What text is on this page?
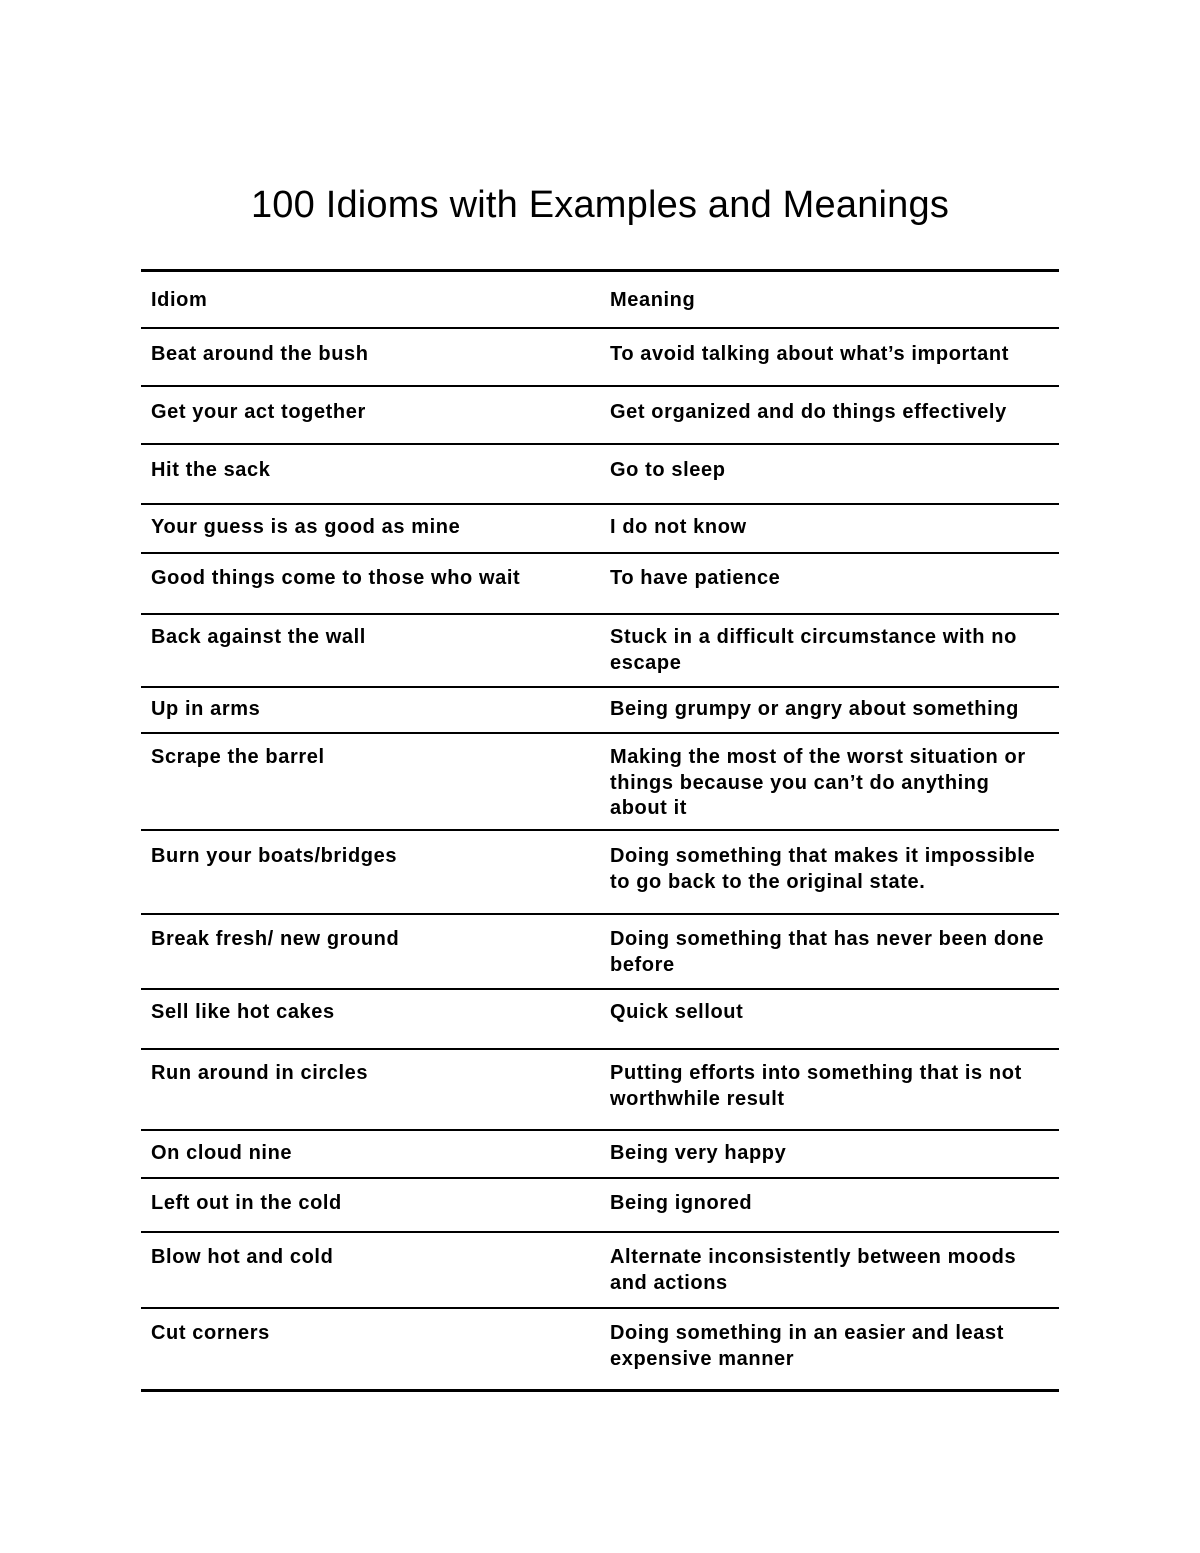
100 Idioms with Examples and Meanings
Idiom	Meaning
Beat around the bush	To avoid talking about what’s important
Get your act together	Get organized and do things effectively
Hit the sack	Go to sleep
Your guess is as good as mine	I do not know
Good things come to those who wait	To have patience
Back against the wall	Stuck in a difficult circumstance with no escape
Up in arms	Being grumpy or angry about something
Scrape the barrel	Making the most of the worst situation or things because you can’t do anything about it
Burn your boats/bridges	Doing something that makes it impossible to go back to the original state.
Break fresh/ new ground	Doing something that has never been done before
Sell like hot cakes	Quick sellout
Run around in circles	Putting efforts into something that is not worthwhile result
On cloud nine	Being very happy
Left out in the cold	Being ignored
Blow hot and cold	Alternate inconsistently between moods and actions
Cut corners	Doing something in an easier and least expensive manner
